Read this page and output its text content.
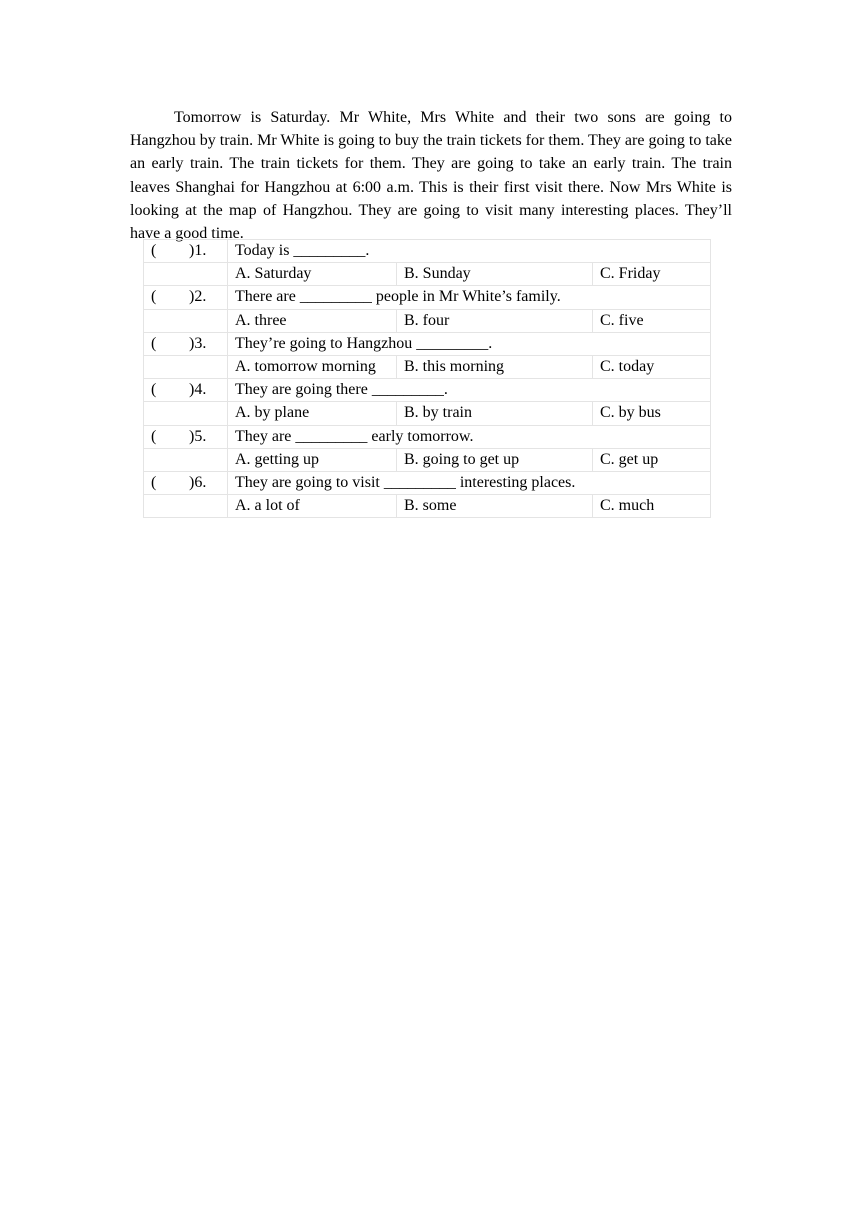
Tomorrow is Saturday. Mr White, Mrs White and their two sons are going to Hangzhou by train. Mr White is going to buy the train tickets for them. They are going to take an early train. The train tickets for them. They are going to take an early train. The train leaves Shanghai for Hangzhou at 6:00 a.m. This is their first visit there. Now Mrs White is looking at the map of Hangzhou. They are going to visit many interesting places. They’ll have a good time.

( )1.	Today is _________.		
	A. Saturday	B. Sunday	C. Friday
( )2.	There are _________ people in Mr White’s family.		
	A. three	B. four	C. five
( )3.	They’re going to Hangzhou _________.		
	A. tomorrow morning	B. this morning	C. today
( )4.	They are going there _________.		
	A. by plane	B. by train	C. by bus
( )5.	They are _________ early tomorrow.		
	A. getting up	B. going to get up	C. get up
( )6.	They are going to visit _________ interesting places.		
	A. a lot of	B. some	C. much
